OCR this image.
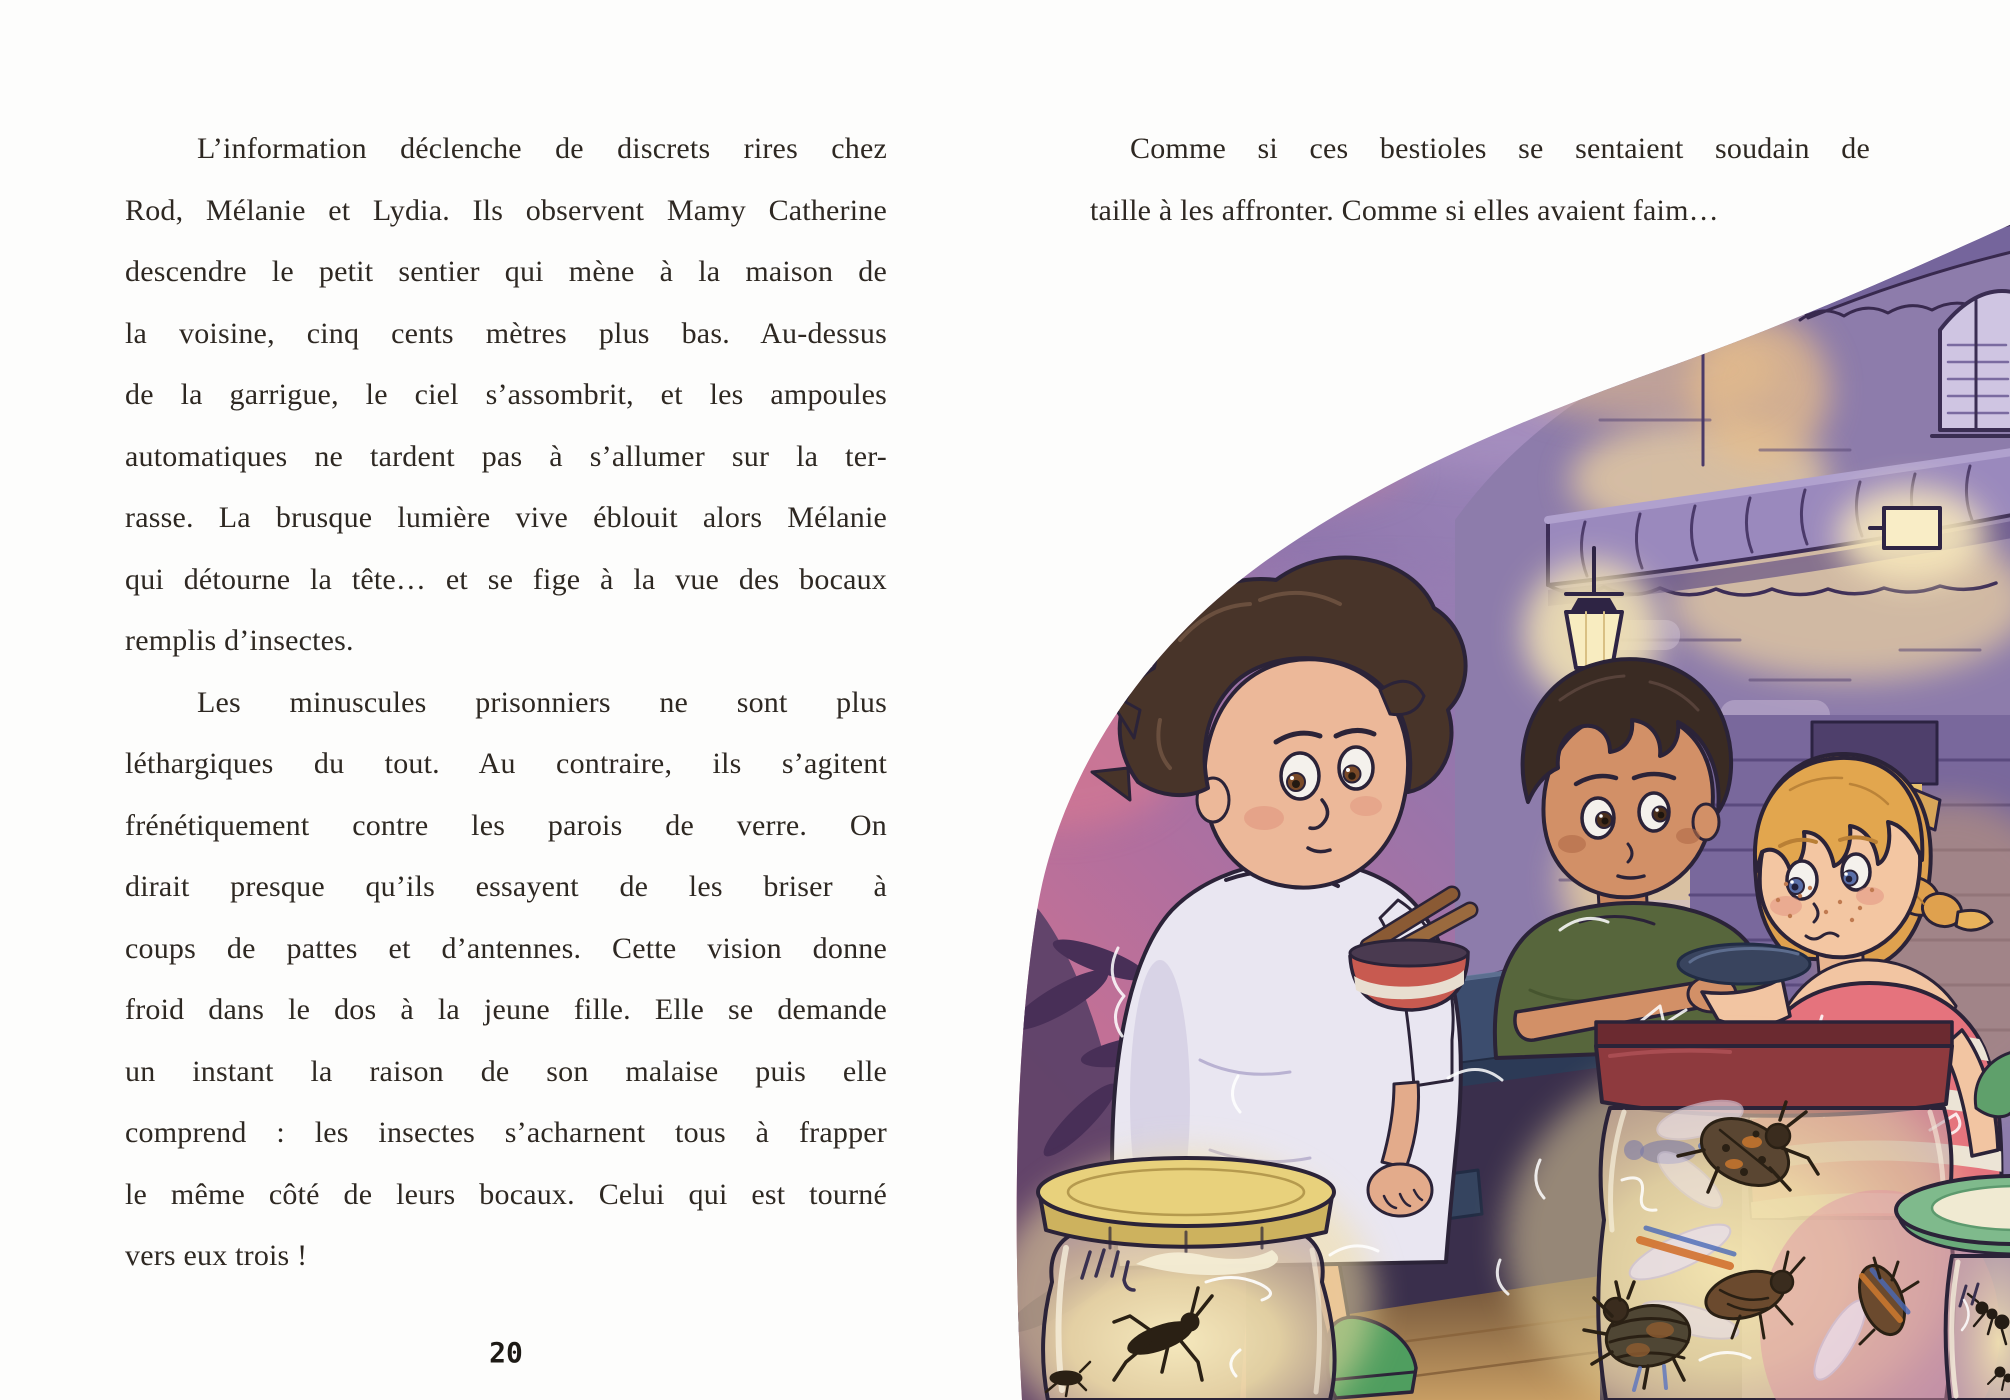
L’information déclenche de discrets rires chez
Rod, Mélanie et Lydia. Ils observent Mamy Catherine
descendre le petit sentier qui mène à la maison de
la voisine, cinq cents mètres plus bas. Au-dessus
de la garrigue, le ciel s’assombrit, et les ampoules
automatiques ne tardent pas à s’allumer sur la ter-
rasse. La brusque lumière vive éblouit alors Mélanie
qui détourne la tête… et se fige à la vue des bocaux
remplis d’insectes.
Les minuscules prisonniers ne sont plus
léthargiques du tout. Au contraire, ils s’agitent
frénétiquement contre les parois de verre. On
dirait presque qu’ils essayent de les briser à
coups de pattes et d’antennes. Cette vision donne
froid dans le dos à la jeune fille. Elle se demande
un instant la raison de son malaise puis elle
comprend : les insectes s’acharnent tous à frapper
le même côté de leurs bocaux. Celui qui est tourné
vers eux trois !
20
Comme si ces bestioles se sentaient soudain de
taille à les affronter. Comme si elles avaient faim…
